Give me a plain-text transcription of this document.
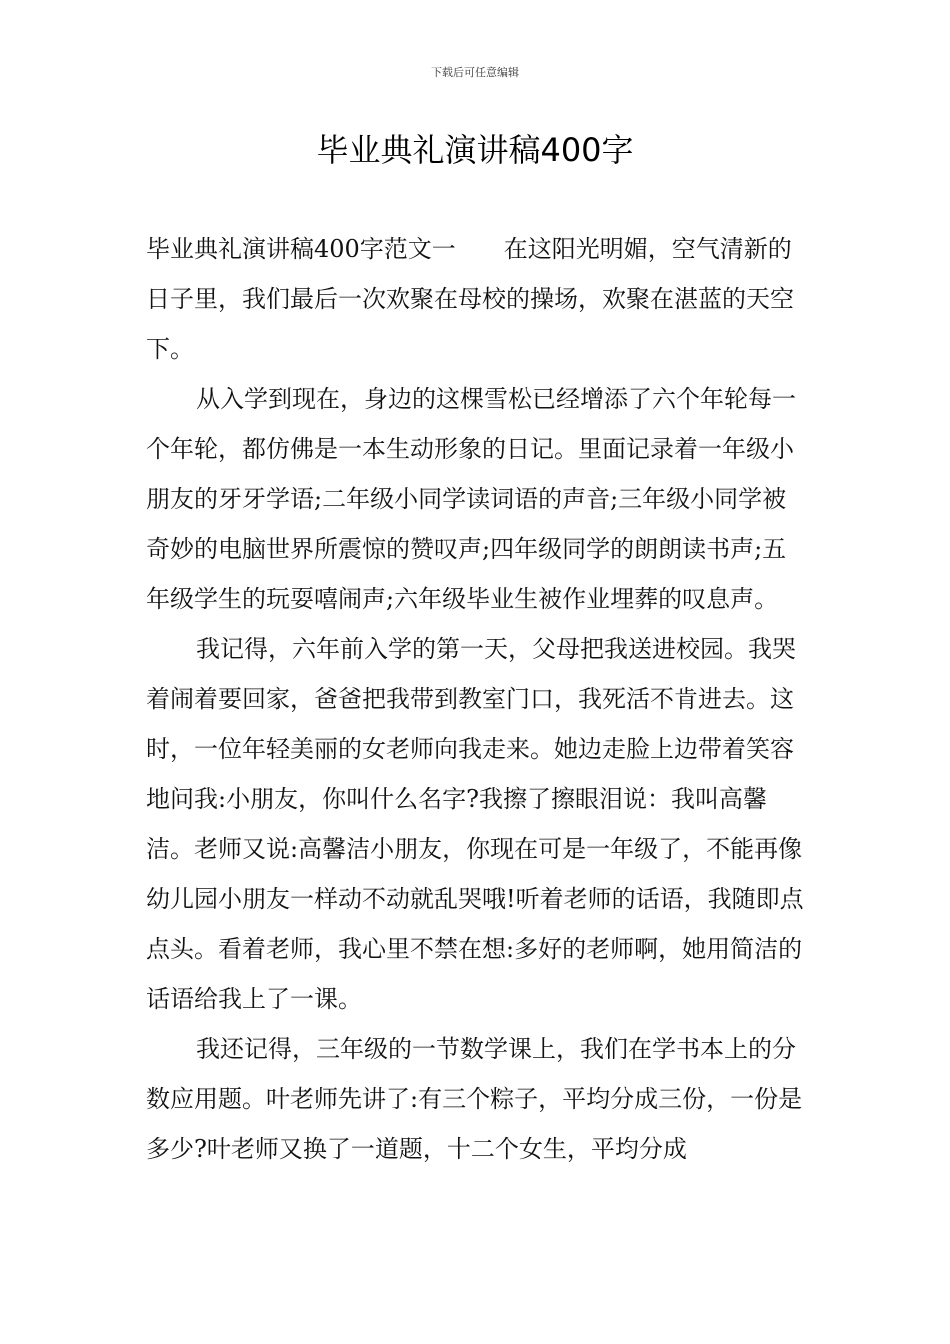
下载后可任意编辑
毕业典礼演讲稿400字

毕业典礼演讲稿400字范文一　　在这阳光明媚，空气清新的日子里，我们最后一次欢聚在母校的操场，欢聚在湛蓝的天空下。

从入学到现在，身边的这棵雪松已经增添了六个年轮每一个年轮，都仿佛是一本生动形象的日记。里面记录着一年级小朋友的牙牙学语;二年级小同学读词语的声音;三年级小同学被奇妙的电脑世界所震惊的赞叹声;四年级同学的朗朗读书声;五年级学生的玩耍嘻闹声;六年级毕业生被作业埋葬的叹息声。

我记得，六年前入学的第一天，父母把我送进校园。我哭着闹着要回家，爸爸把我带到教室门口，我死活不肯进去。这时，一位年轻美丽的女老师向我走来。她边走脸上边带着笑容地问我:小朋友，你叫什么名字?我擦了擦眼泪说：我叫高馨洁。老师又说:高馨洁小朋友，你现在可是一年级了，不能再像幼儿园小朋友一样动不动就乱哭哦!听着老师的话语，我随即点点头。看着老师，我心里不禁在想:多好的老师啊，她用简洁的话语给我上了一课。

我还记得，三年级的一节数学课上，我们在学书本上的分数应用题。叶老师先讲了:有三个粽子，平均分成三份，一份是多少?叶老师又换了一道题，十二个女生，平均分成
